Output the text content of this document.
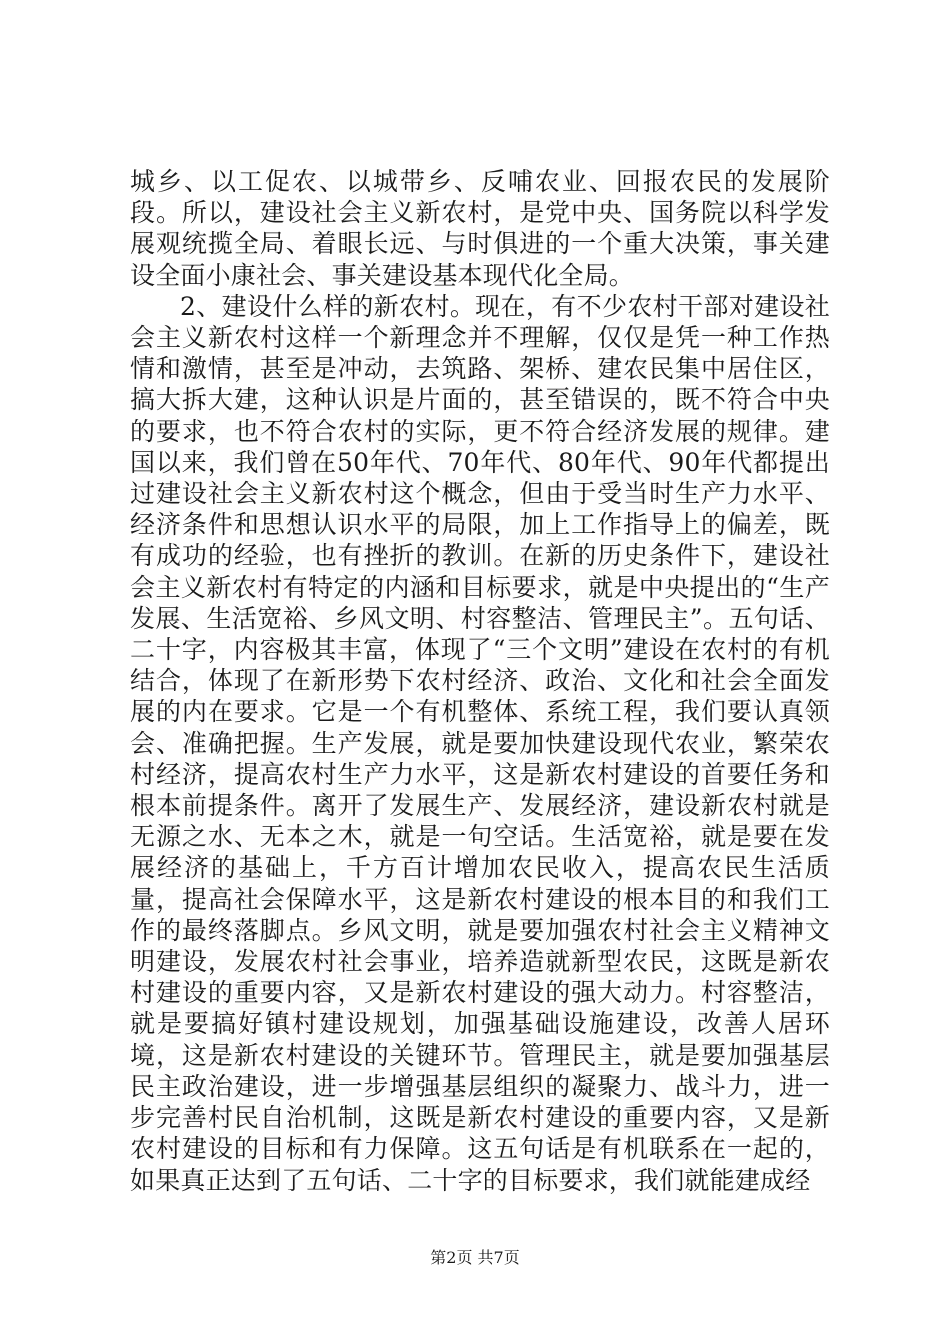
城乡、以工促农、以城带乡、反哺农业、回报农民的发展阶段。所以，建设社会主义新农村，是党中央、国务院以科学发展观统揽全局、着眼长远、与时俱进的一个重大决策，事关建设全面小康社会、事关建设基本现代化全局。

2、建设什么样的新农村。现在，有不少农村干部对建设社会主义新农村这样一个新理念并不理解，仅仅是凭一种工作热情和激情，甚至是冲动，去筑路、架桥、建农民集中居住区，搞大拆大建，这种认识是片面的，甚至错误的，既不符合中央的要求，也不符合农村的实际，更不符合经济发展的规律。建国以来，我们曾在50年代、70年代、80年代、90年代都提出过建设社会主义新农村这个概念，但由于受当时生产力水平、经济条件和思想认识水平的局限，加上工作指导上的偏差，既有成功的经验，也有挫折的教训。在新的历史条件下，建设社会主义新农村有特定的内涵和目标要求，就是中央提出的“生产发展、生活宽裕、乡风文明、村容整洁、管理民主”。五句话、二十字，内容极其丰富，体现了“三个文明”建设在农村的有机结合，体现了在新形势下农村经济、政治、文化和社会全面发展的内在要求。它是一个有机整体、系统工程，我们要认真领会、准确把握。生产发展，就是要加快建设现代农业，繁荣农村经济，提高农村生产力水平，这是新农村建设的首要任务和根本前提条件。离开了发展生产、发展经济，建设新农村就是无源之水、无本之木，就是一句空话。生活宽裕，就是要在发展经济的基础上，千方百计增加农民收入，提高农民生活质量，提高社会保障水平，这是新农村建设的根本目的和我们工作的最终落脚点。乡风文明，就是要加强农村社会主义精神文明建设，发展农村社会事业，培养造就新型农民，这既是新农村建设的重要内容，又是新农村建设的强大动力。村容整洁，就是要搞好镇村建设规划，加强基础设施建设，改善人居环境，这是新农村建设的关键环节。管理民主，就是要加强基层民主政治建设，进一步增强基层组织的凝聚力、战斗力，进一步完善村民自治机制，这既是新农村建设的重要内容，又是新农村建设的目标和有力保障。这五句话是有机联系在一起的，如果真正达到了五句话、二十字的目标要求，我们就能建成经

第2页 共7页
